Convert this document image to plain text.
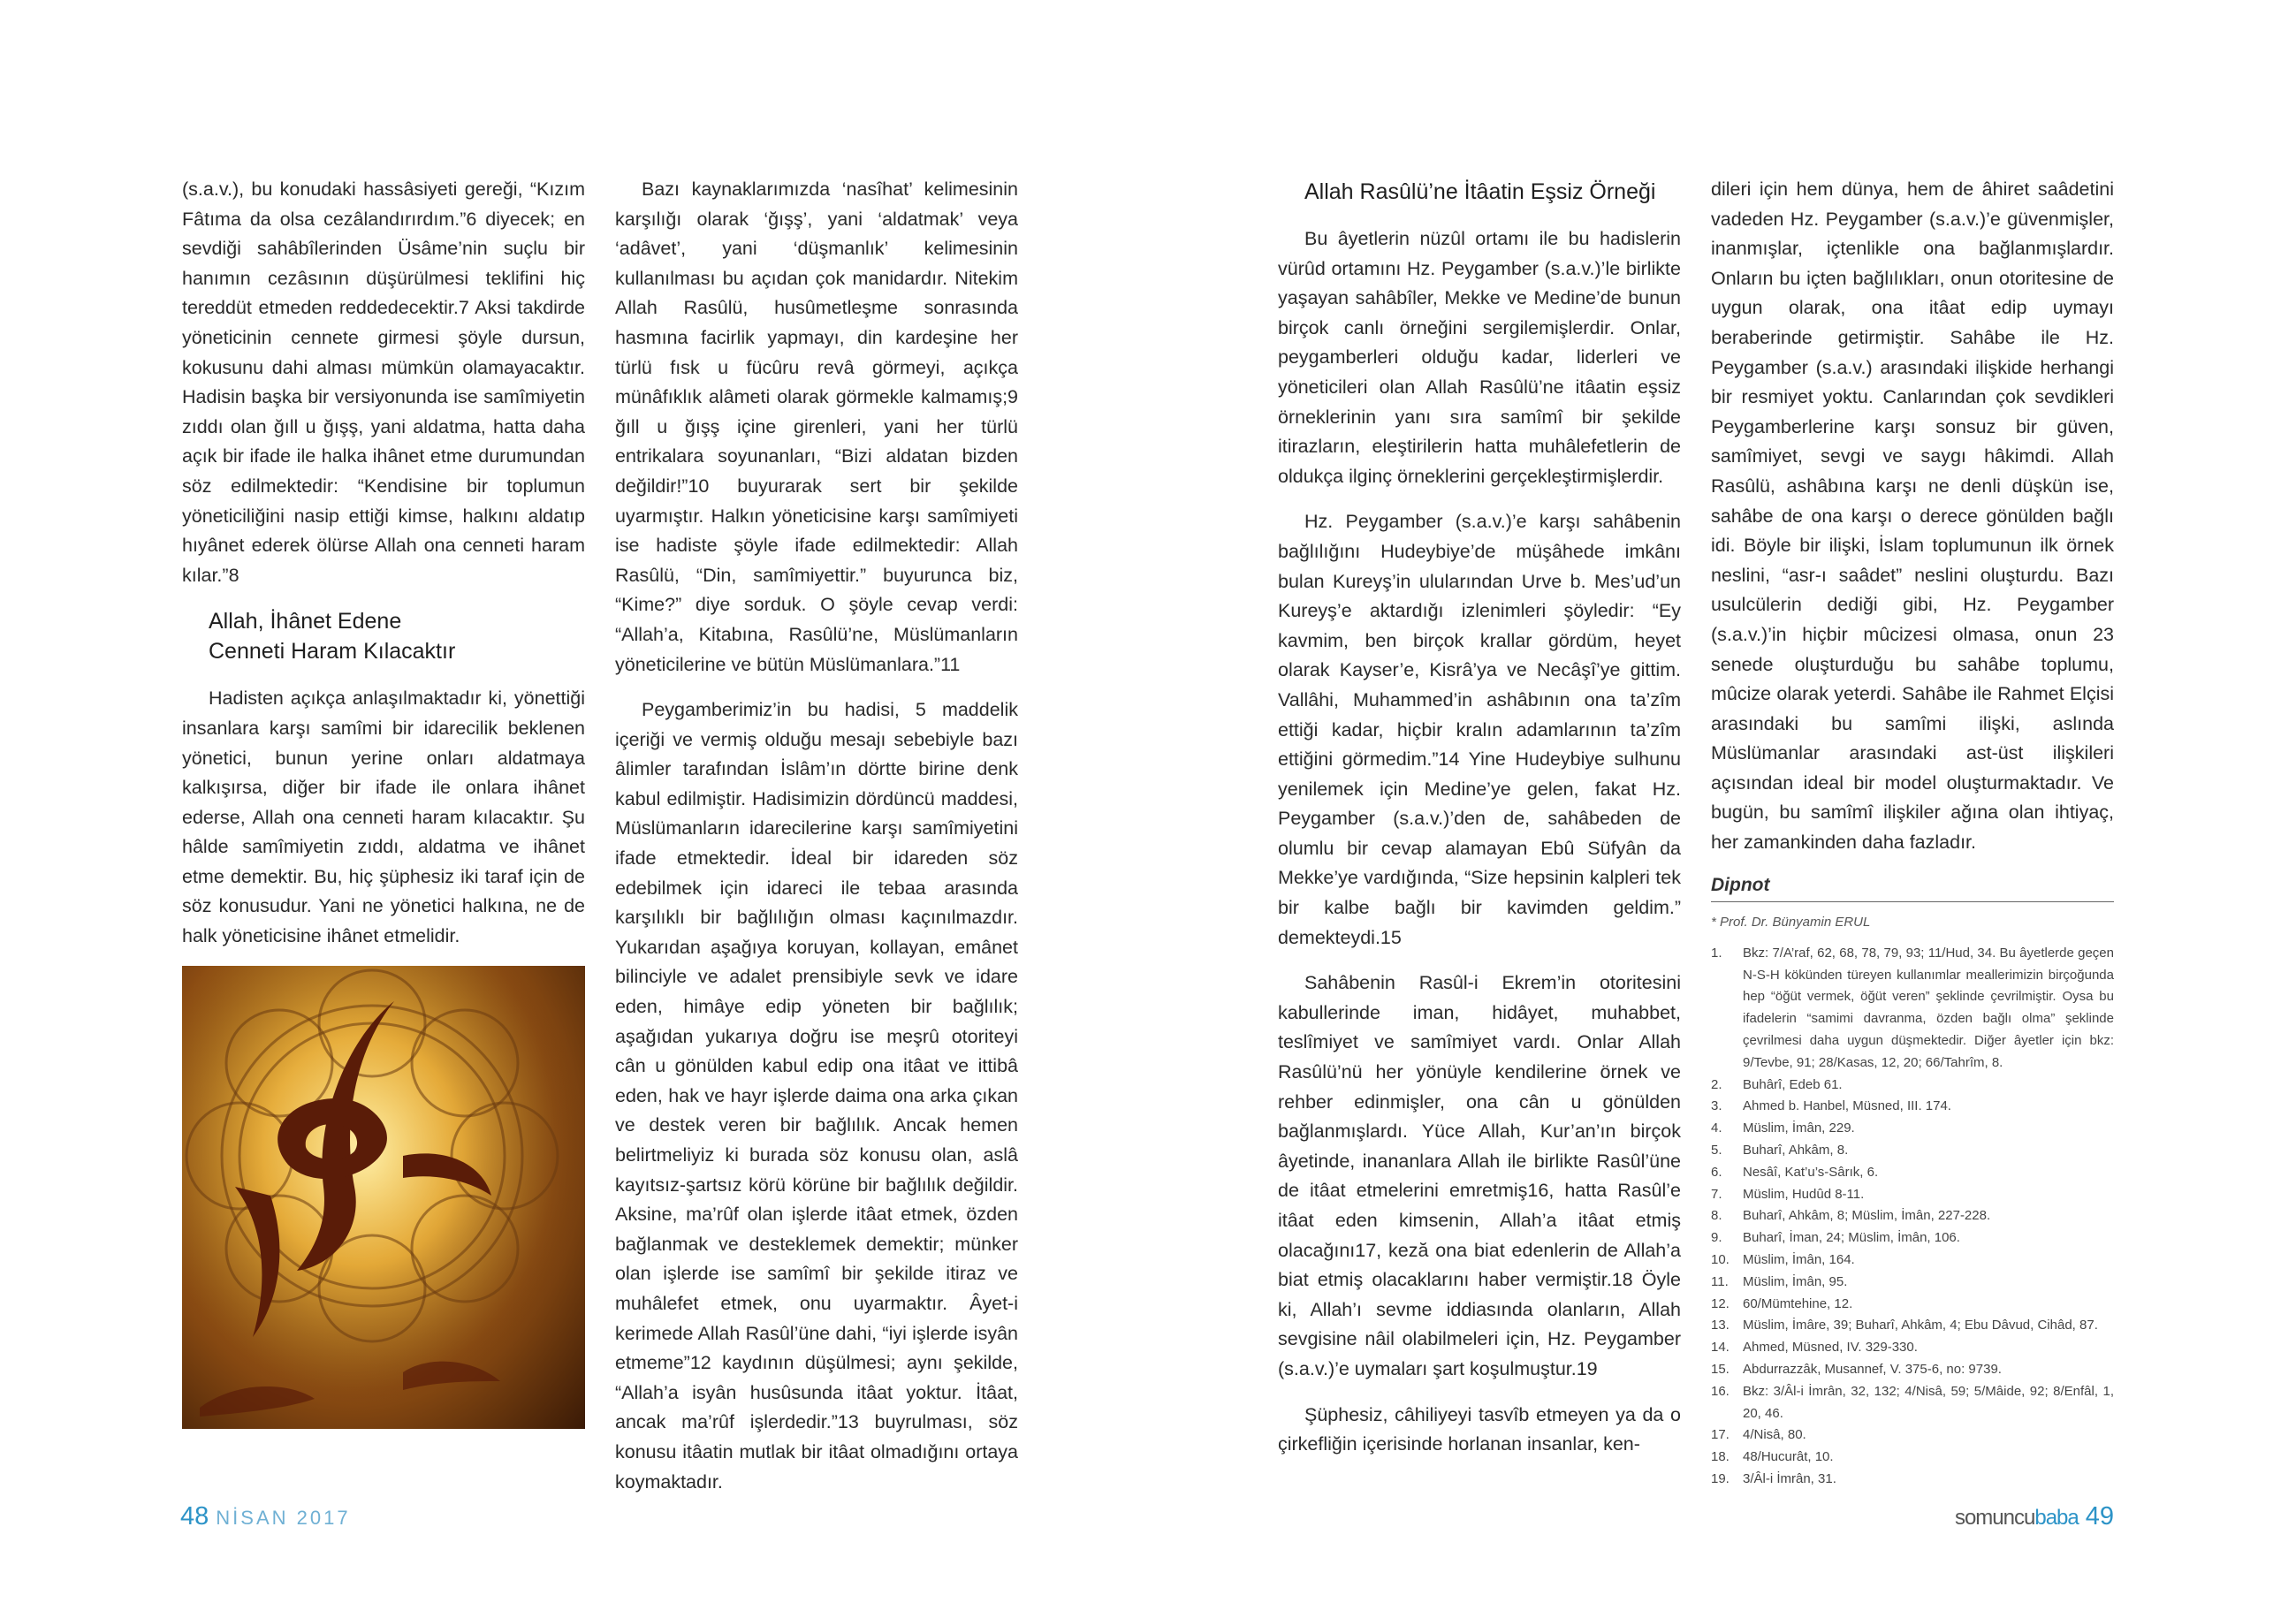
(s.a.v.), bu konudaki hassâsiyeti gereği, “Kızım Fâtıma da olsa cezâlandırırdım.”6 diyecek; en sevdiği sahâbîlerinden Üsâme’nin suçlu bir hanımın cezâsının düşürülmesi teklifini hiç tereddüt etmeden reddedecektir.7 Aksi takdirde yöneticinin cennete girmesi şöyle dursun, kokusunu dahi alması mümkün olamayacaktır. Hadisin başka bir versiyonunda ise samîmiyetin zıddı olan ğıll u ğışş, yani aldatma, hatta daha açık bir ifade ile halka ihânet etme durumundan söz edilmektedir: “Kendisine bir toplumun yöneticiliğini nasip ettiği kimse, halkını aldatıp hıyânet ederek ölürse Allah ona cenneti haram kılar.”8

Allah, İhânet Edene
Cenneti Haram Kılacaktır

Hadisten açıkça anlaşılmaktadır ki, yönettiği insanlara karşı samîmi bir idarecilik beklenen yönetici, bunun yerine onları aldatmaya kalkışırsa, diğer bir ifade ile onlara ihânet ederse, Allah ona cenneti haram kılacaktır. Şu hâlde samîmiyetin zıddı, aldatma ve ihânet etme demektir. Bu, hiç şüphesiz iki taraf için de söz konusudur. Yani ne yönetici halkına, ne de halk yöneticisine ihânet etmelidir.

Bazı kaynaklarımızda ‘nasîhat’ kelimesinin karşılığı olarak ‘ğışş’, yani ‘aldatmak’ veya ‘adâvet’, yani ‘düşmanlık’ kelimesinin kullanılması bu açıdan çok manidardır. Nitekim Allah Rasûlü, husûmetleşme sonrasında hasmına facirlik yapmayı, din kardeşine her türlü fısk u fücûru revâ görmeyi, açıkça münâfıklık alâmeti olarak görmekle kalmamış;9 ğıll u ğışş içine girenleri, yani her türlü entrikalara soyunanları, “Bizi aldatan bizden değildir!”10 buyurarak sert bir şekilde uyarmıştır. Halkın yöneticisine karşı samîmiyeti ise hadiste şöyle ifade edilmektedir: Allah Rasûlü, “Din, samîmiyettir.” buyurunca biz, “Kime?” diye sorduk. O şöyle cevap verdi: “Allah’a, Kitabına, Rasûlü’ne, Müslümanların yöneticilerine ve bütün Müslümanlara.”11

Peygamberimiz’in bu hadisi, 5 maddelik içeriği ve vermiş olduğu mesajı sebebiyle bazı âlimler tarafından İslâm’ın dörtte birine denk kabul edilmiştir. Hadisimizin dördüncü maddesi, Müslümanların idarecilerine karşı samîmiyetini ifade etmektedir. İdeal bir idareden söz edebilmek için idareci ile tebaa arasında karşılıklı bir bağlılığın olması kaçınılmazdır. Yukarıdan aşağıya koruyan, kollayan, emânet bilinciyle ve adalet prensibiyle sevk ve idare eden, himâye edip yöneten bir bağlılık; aşağıdan yukarıya doğru ise meşrû otoriteyi cân u gönülden kabul edip ona itâat ve ittibâ eden, hak ve hayr işlerde daima ona arka çıkan ve destek veren bir bağlılık. Ancak hemen belirtmeliyiz ki burada söz konusu olan, aslâ kayıtsız-şartsız körü körüne bir bağlılık değildir. Aksine, ma’rûf olan işlerde itâat etmek, özden bağlanmak ve desteklemek demektir; münker olan işlerde ise samîmî bir şekilde itiraz ve muhâlefet etmek, onu uyarmaktır. Âyet-i kerimede Allah Rasûl’üne dahi, “iyi işlerde isyân etmeme”12 kaydının düşülmesi; aynı şekilde, “Allah’a isyân husûsunda itâat yoktur. İtâat, ancak ma’rûf işlerdedir.”13 buyrulması, söz konusu itâatin mutlak bir itâat olmadığını ortaya koymaktadır.

Allah Rasûlü’ne İtâatin Eşsiz Örneği

Bu âyetlerin nüzûl ortamı ile bu hadislerin vürûd ortamını Hz. Peygamber (s.a.v.)’le birlikte yaşayan sahâbîler, Mekke ve Medine’de bunun birçok canlı örneğini sergilemişlerdir. Onlar, peygamberleri olduğu kadar, liderleri ve yöneticileri olan Allah Rasûlü’ne itâatin eşsiz örneklerinin yanı sıra samîmî bir şekilde itirazların, eleştirilerin hatta muhâlefetlerin de oldukça ilginç örneklerini gerçekleştirmişlerdir.

Hz. Peygamber (s.a.v.)’e karşı sahâbenin bağlılığını Hudeybiye’de müşâhede imkânı bulan Kureyş’in ulularından Urve b. Mes’ud’un Kureyş’e aktardığı izlenimleri şöyledir: “Ey kavmim, ben birçok krallar gördüm, heyet olarak Kayser’e, Kisrâ’ya ve Necâşî’ye gittim. Vallâhi, Muhammed’in ashâbının ona ta’zîm ettiği kadar, hiçbir kralın adamlarının ta’zîm ettiğini görmedim.”14 Yine Hudeybiye sulhunu yenilemek için Medine’ye gelen, fakat Hz. Peygamber (s.a.v.)’den de, sahâbeden de olumlu bir cevap alamayan Ebû Süfyân da Mekke’ye vardığında, “Size hepsinin kalpleri tek bir kalbe bağlı bir kavimden geldim.” demekteydi.15

Sahâbenin Rasûl-i Ekrem’in otoritesini kabullerinde iman, hidâyet, muhabbet, teslîmiyet ve samîmiyet vardı. Onlar Allah Rasûlü’nü her yönüyle kendilerine örnek ve rehber edinmişler, ona cân u gönülden bağlanmışlardı. Yüce Allah, Kur’an’ın birçok âyetinde, inananlara Allah ile birlikte Rasûl’üne de itâat etmelerini emretmiş16, hatta Rasûl’e itâat eden kimsenin, Allah’a itâat etmiş olacağını17, keză ona biat edenlerin de Allah’a biat etmiş olacaklarını haber vermiştir.18 Öyle ki, Allah’ı sevme iddiasında olanların, Allah sevgisine nâil olabilmeleri için, Hz. Peygamber (s.a.v.)’e uymaları şart koşulmuştur.19

Şüphesiz, câhiliyeyi tasvîb etmeyen ya da o çirkefliğin içerisinde horlanan insanlar, ken-

dileri için hem dünya, hem de âhiret saâdetini vadeden Hz. Peygamber (s.a.v.)’e güvenmişler, inanmışlar, içtenlikle ona bağlanmışlardır. Onların bu içten bağlılıkları, onun otoritesine de uygun olarak, ona itâat edip uymayı beraberinde getirmiştir. Sahâbe ile Hz. Peygamber (s.a.v.) arasındaki ilişkide herhangi bir resmiyet yoktu. Canlarından çok sevdikleri Peygamberlerine karşı sonsuz bir güven, samîmiyet, sevgi ve saygı hâkimdi. Allah Rasûlü, ashâbına karşı ne denli düşkün ise, sahâbe de ona karşı o derece gönülden bağlı idi. Böyle bir ilişki, İslam toplumunun ilk örnek neslini, “asr-ı saâdet” neslini oluşturdu. Bazı usulcülerin dediği gibi, Hz. Peygamber (s.a.v.)’in hiçbir mûcizesi olmasa, onun 23 senede oluşturduğu bu sahâbe toplumu, mûcize olarak yeterdi. Sahâbe ile Rahmet Elçisi arasındaki bu samîmi ilişki, aslında Müslümanlar arasındaki ast-üst ilişkileri açısından ideal bir model oluşturmaktadır. Ve bugün, bu samîmî ilişkiler ağına olan ihtiyaç, her zamankinden daha fazladır.

Dipnot
* Prof. Dr. Bünyamin ERUL
1. Bkz: 7/A’raf, 62, 68, 78, 79, 93; 11/Hud, 34. Bu âyetlerde geçen N-S-H kökünden türeyen kullanımlar meallerimizin birçoğunda hep “öğüt vermek, öğüt veren” şeklinde çevrilmiştir. Oysa bu ifadelerin “samimi davranma, özden bağlı olma” şeklinde çevrilmesi daha uygun düşmektedir. Diğer âyetler için bkz: 9/Tevbe, 91; 28/Kasas, 12, 20; 66/Tahrîm, 8.
2. Buhârî, Edeb 61.
3. Ahmed b. Hanbel, Müsned, III. 174.
4. Müslim, İmân, 229.
5. Buharî, Ahkâm, 8.
6. Nesâî, Kat’u’s-Sârık, 6.
7. Müslim, Hudûd 8-11.
8. Buharî, Ahkâm, 8; Müslim, İmân, 227-228.
9. Buharî, İman, 24; Müslim, İmân, 106.
10. Müslim, İmân, 164.
11. Müslim, İmân, 95.
12. 60/Mümtehine, 12.
13. Müslim, İmâre, 39; Buharî, Ahkâm, 4; Ebu Dâvud, Cihâd, 87.
14. Ahmed, Müsned, IV. 329-330.
15. Abdurrazzâk, Musannef, V. 375-6, no: 9739.
16. Bkz: 3/Âl-i İmrân, 32, 132; 4/Nisâ, 59; 5/Mâide, 92; 8/Enfâl, 1, 20, 46.
17. 4/Nisâ, 80.
18. 48/Hucurât, 10.
19. 3/Âl-i İmrân, 31.
48 NİSAN 2017	somuncubaba 49
